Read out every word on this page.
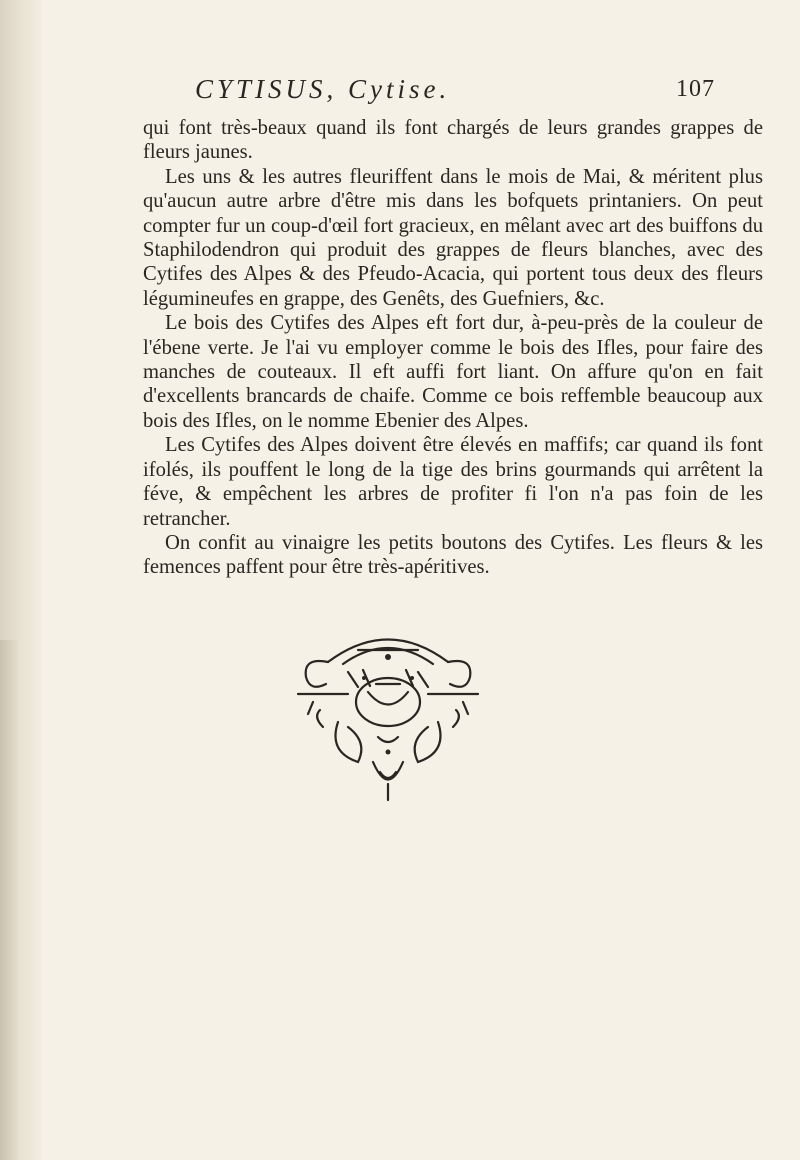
CYTISUS, Cytise.	107

qui font très-beaux quand ils font chargés de leurs grandes grappes de fleurs jaunes.

Les uns & les autres fleuriffent dans le mois de Mai, & méritent plus qu'aucun autre arbre d'être mis dans les bofquets printaniers. On peut compter fur un coup-d'œil fort gracieux, en mêlant avec art des buiffons du Staphilodendron qui produit des grappes de fleurs blanches, avec des Cytifes des Alpes & des Pfeudo-Acacia, qui portent tous deux des fleurs légumineufes en grappe, des Genêts, des Guefniers, &c.

Le bois des Cytifes des Alpes eft fort dur, à-peu-près de la couleur de l'ébene verte. Je l'ai vu employer comme le bois des Ifles, pour faire des manches de couteaux. Il eft auffi fort liant. On affure qu'on en fait d'excellents brancards de chaife. Comme ce bois reffemble beaucoup aux bois des Ifles, on le nomme Ebenier des Alpes.

Les Cytifes des Alpes doivent être élevés en maffifs; car quand ils font ifolés, ils pouffent le long de la tige des brins gourmands qui arrêtent la féve, & empêchent les arbres de profiter fi l'on n'a pas foin de les retrancher.

On confit au vinaigre les petits boutons des Cytifes. Les fleurs & les femences paffent pour être très-apéritives.
